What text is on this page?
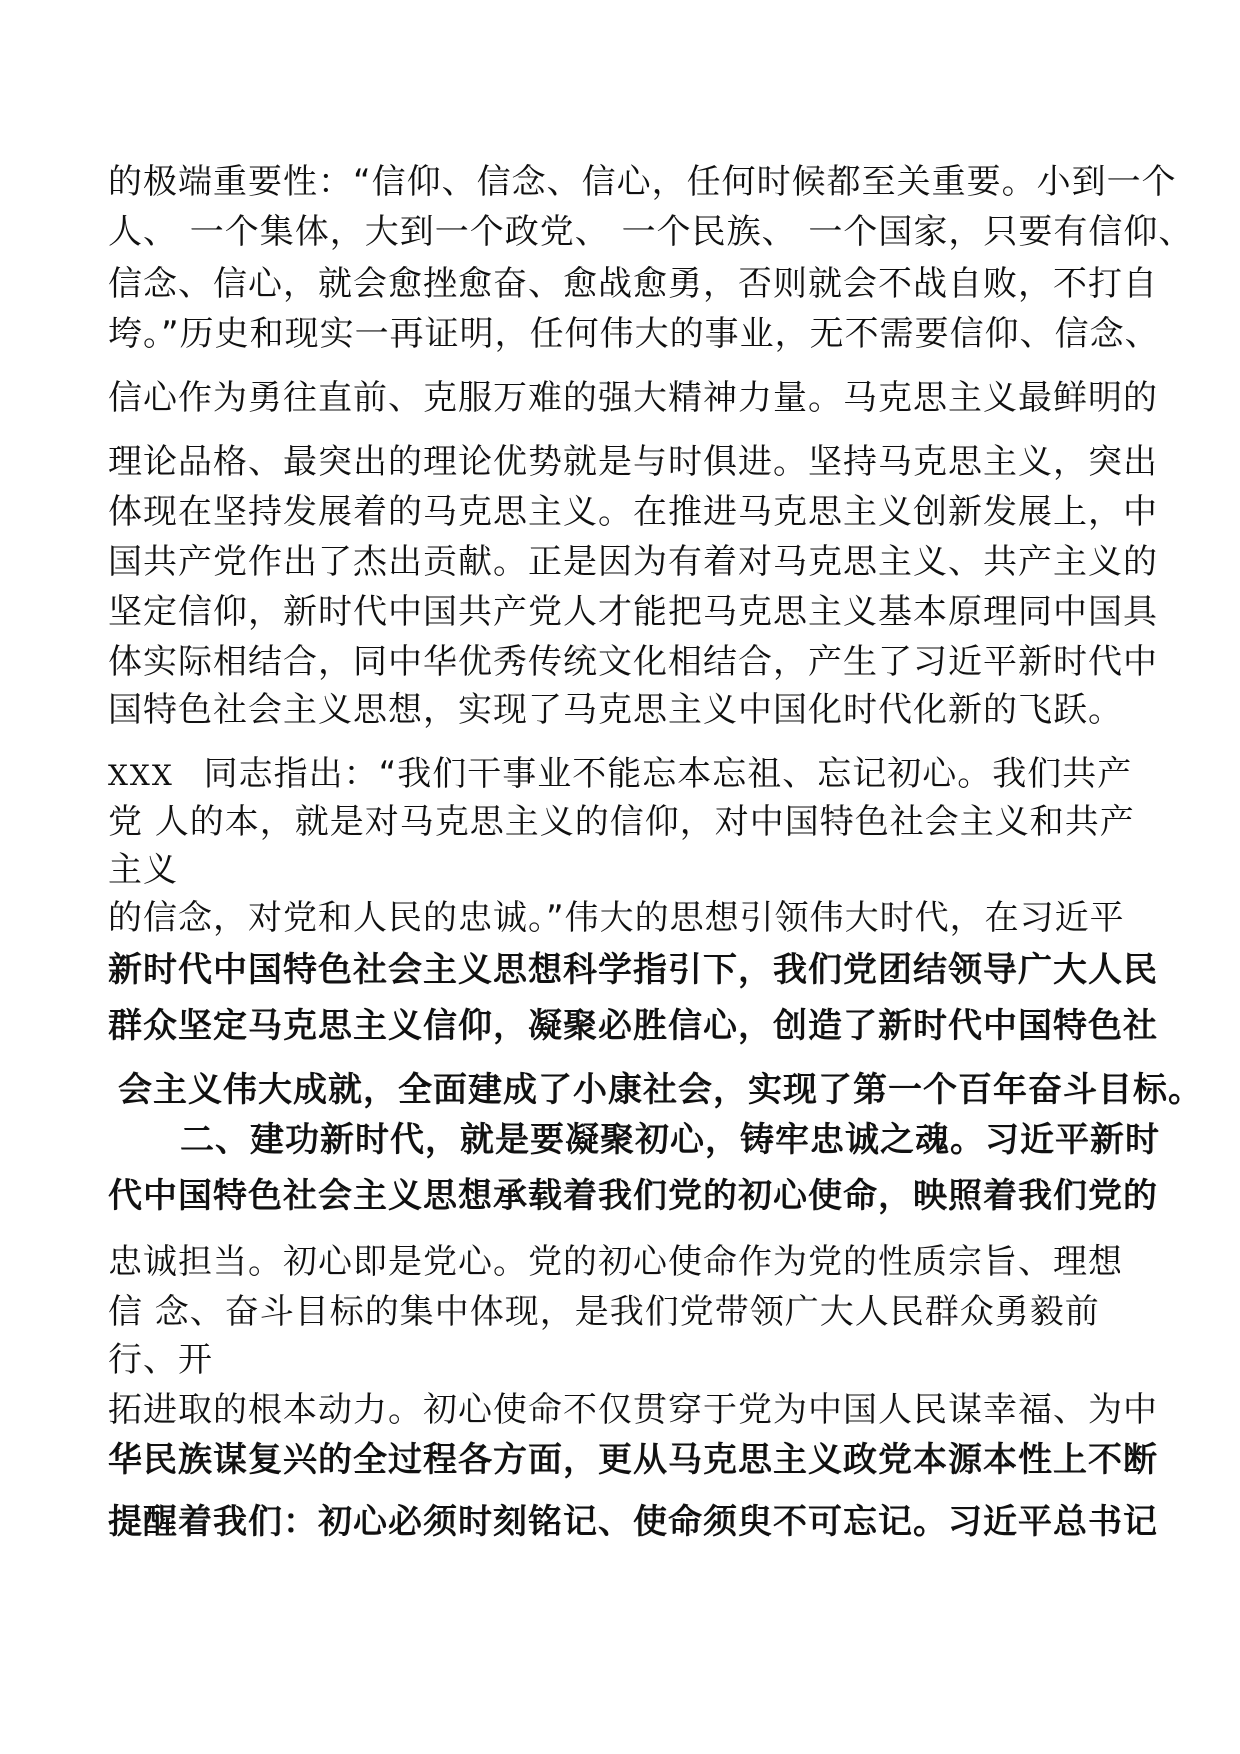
的极端重要性：“信仰、信念、信心，任何时候都至关重要。小到一个
人、 一个集体，大到一个政党、 一个民族、 一个国家，只要有信仰、
信念、信心，就会愈挫愈奋、愈战愈勇，否则就会不战自败，不打自
垮。”历史和现实一再证明，任何伟大的事业，无不需要信仰、信念、
信心作为勇往直前、克服万难的强大精神力量。马克思主义最鲜明的
理论品格、最突出的理论优势就是与时俱进。坚持马克思主义，突出
体现在坚持发展着的马克思主义。在推进马克思主义创新发展上，中
国共产党作出了杰出贡献。正是因为有着对马克思主义、共产主义的
坚定信仰，新时代中国共产党人才能把马克思主义基本原理同中国具
体实际相结合，同中华优秀传统文化相结合，产生了习近平新时代中
国特色社会主义思想，实现了马克思主义中国化时代化新的飞跃。
XXX 同志指出：“我们干事业不能忘本忘祖、忘记初心。我们共产
党 人的本，就是对马克思主义的信仰，对中国特色社会主义和共产
主义
的信念，对党和人民的忠诚。”伟大的思想引领伟大时代，在习近平
新时代中国特色社会主义思想科学指引下，我们党团结领导广大人民
群众坚定马克思主义信仰，凝聚必胜信心，创造了新时代中国特色社
会主义伟大成就，全面建成了小康社会，实现了第一个百年奋斗目标。
二、建功新时代，就是要凝聚初心，铸牢忠诚之魂。习近平新时
代中国特色社会主义思想承载着我们党的初心使命，映照着我们党的
忠诚担当。初心即是党心。党的初心使命作为党的性质宗旨、理想
信 念、奋斗目标的集中体现，是我们党带领广大人民群众勇毅前
行、开
拓进取的根本动力。初心使命不仅贯穿于党为中国人民谋幸福、为中
华民族谋复兴的全过程各方面，更从马克思主义政党本源本性上不断
提醒着我们：初心必须时刻铭记、使命须臾不可忘记。习近平总书记
